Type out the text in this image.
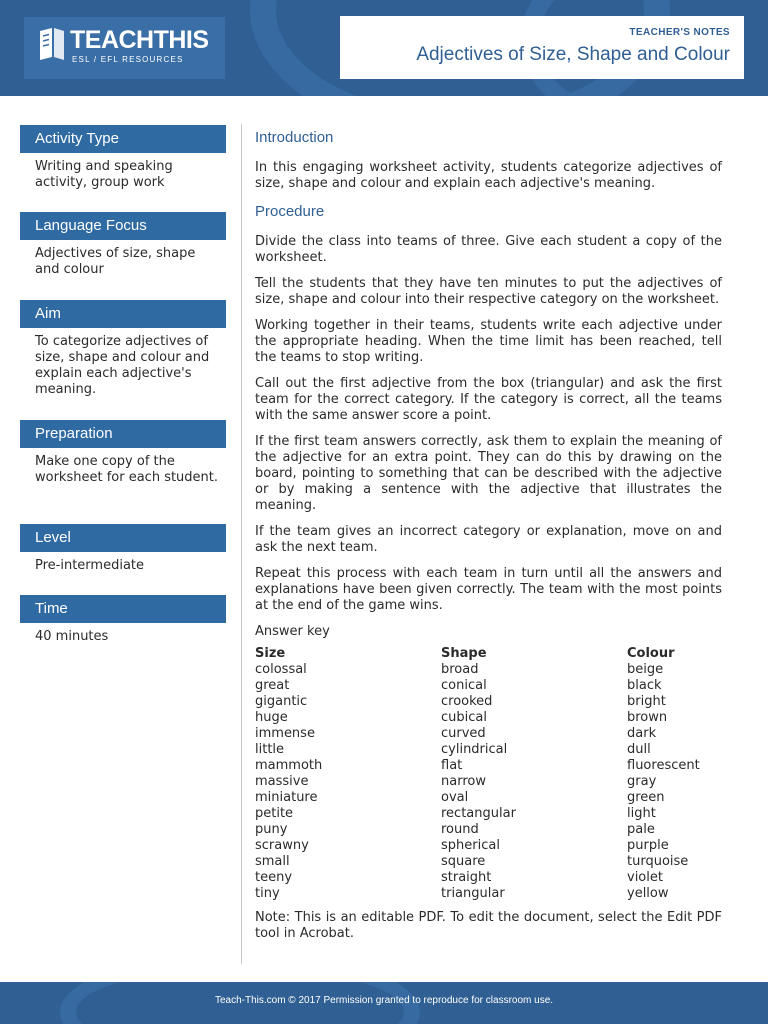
TEACHTHIS
ESL / EFL RESOURCES
TEACHER'S NOTES
Adjectives of Size, Shape and Colour
Activity Type
Writing and speaking activity, group work
Language Focus
Adjectives of size, shape and colour
Aim
To categorize adjectives of size, shape and colour and explain each adjective's meaning.
Preparation
Make one copy of the worksheet for each student.
Level
Pre-intermediate
Time
40 minutes
Introduction

In this engaging worksheet activity, students categorize adjectives of size, shape and colour and explain each adjective's meaning.

Procedure

Divide the class into teams of three. Give each student a copy of the worksheet.

Tell the students that they have ten minutes to put the adjectives of size, shape and colour into their respective category on the worksheet.

Working together in their teams, students write each adjective under the appropriate heading. When the time limit has been reached, tell the teams to stop writing.

Call out the first adjective from the box (triangular) and ask the first team for the correct category. If the category is correct, all the teams with the same answer score a point.

If the first team answers correctly, ask them to explain the meaning of the adjective for an extra point. They can do this by drawing on the board, pointing to something that can be described with the adjective or by making a sentence with the adjective that illustrates the meaning.

If the team gives an incorrect category or explanation, move on and ask the next team.

Repeat this process with each team in turn until all the answers and explanations have been given correctly. The team with the most points at the end of the game wins.

Answer key
Size
colossal
great
gigantic
huge
immense
little
mammoth
massive
miniature
petite
puny
scrawny
small
teeny
tiny
Shape
broad
conical
crooked
cubical
curved
cylindrical
flat
narrow
oval
rectangular
round
spherical
square
straight
triangular
Colour
beige
black
bright
brown
dark
dull
fluorescent
gray
green
light
pale
purple
turquoise
violet
yellow

Note: This is an editable PDF. To edit the document, select the Edit PDF tool in Acrobat.

Teach-This.com © 2017 Permission granted to reproduce for classroom use.
